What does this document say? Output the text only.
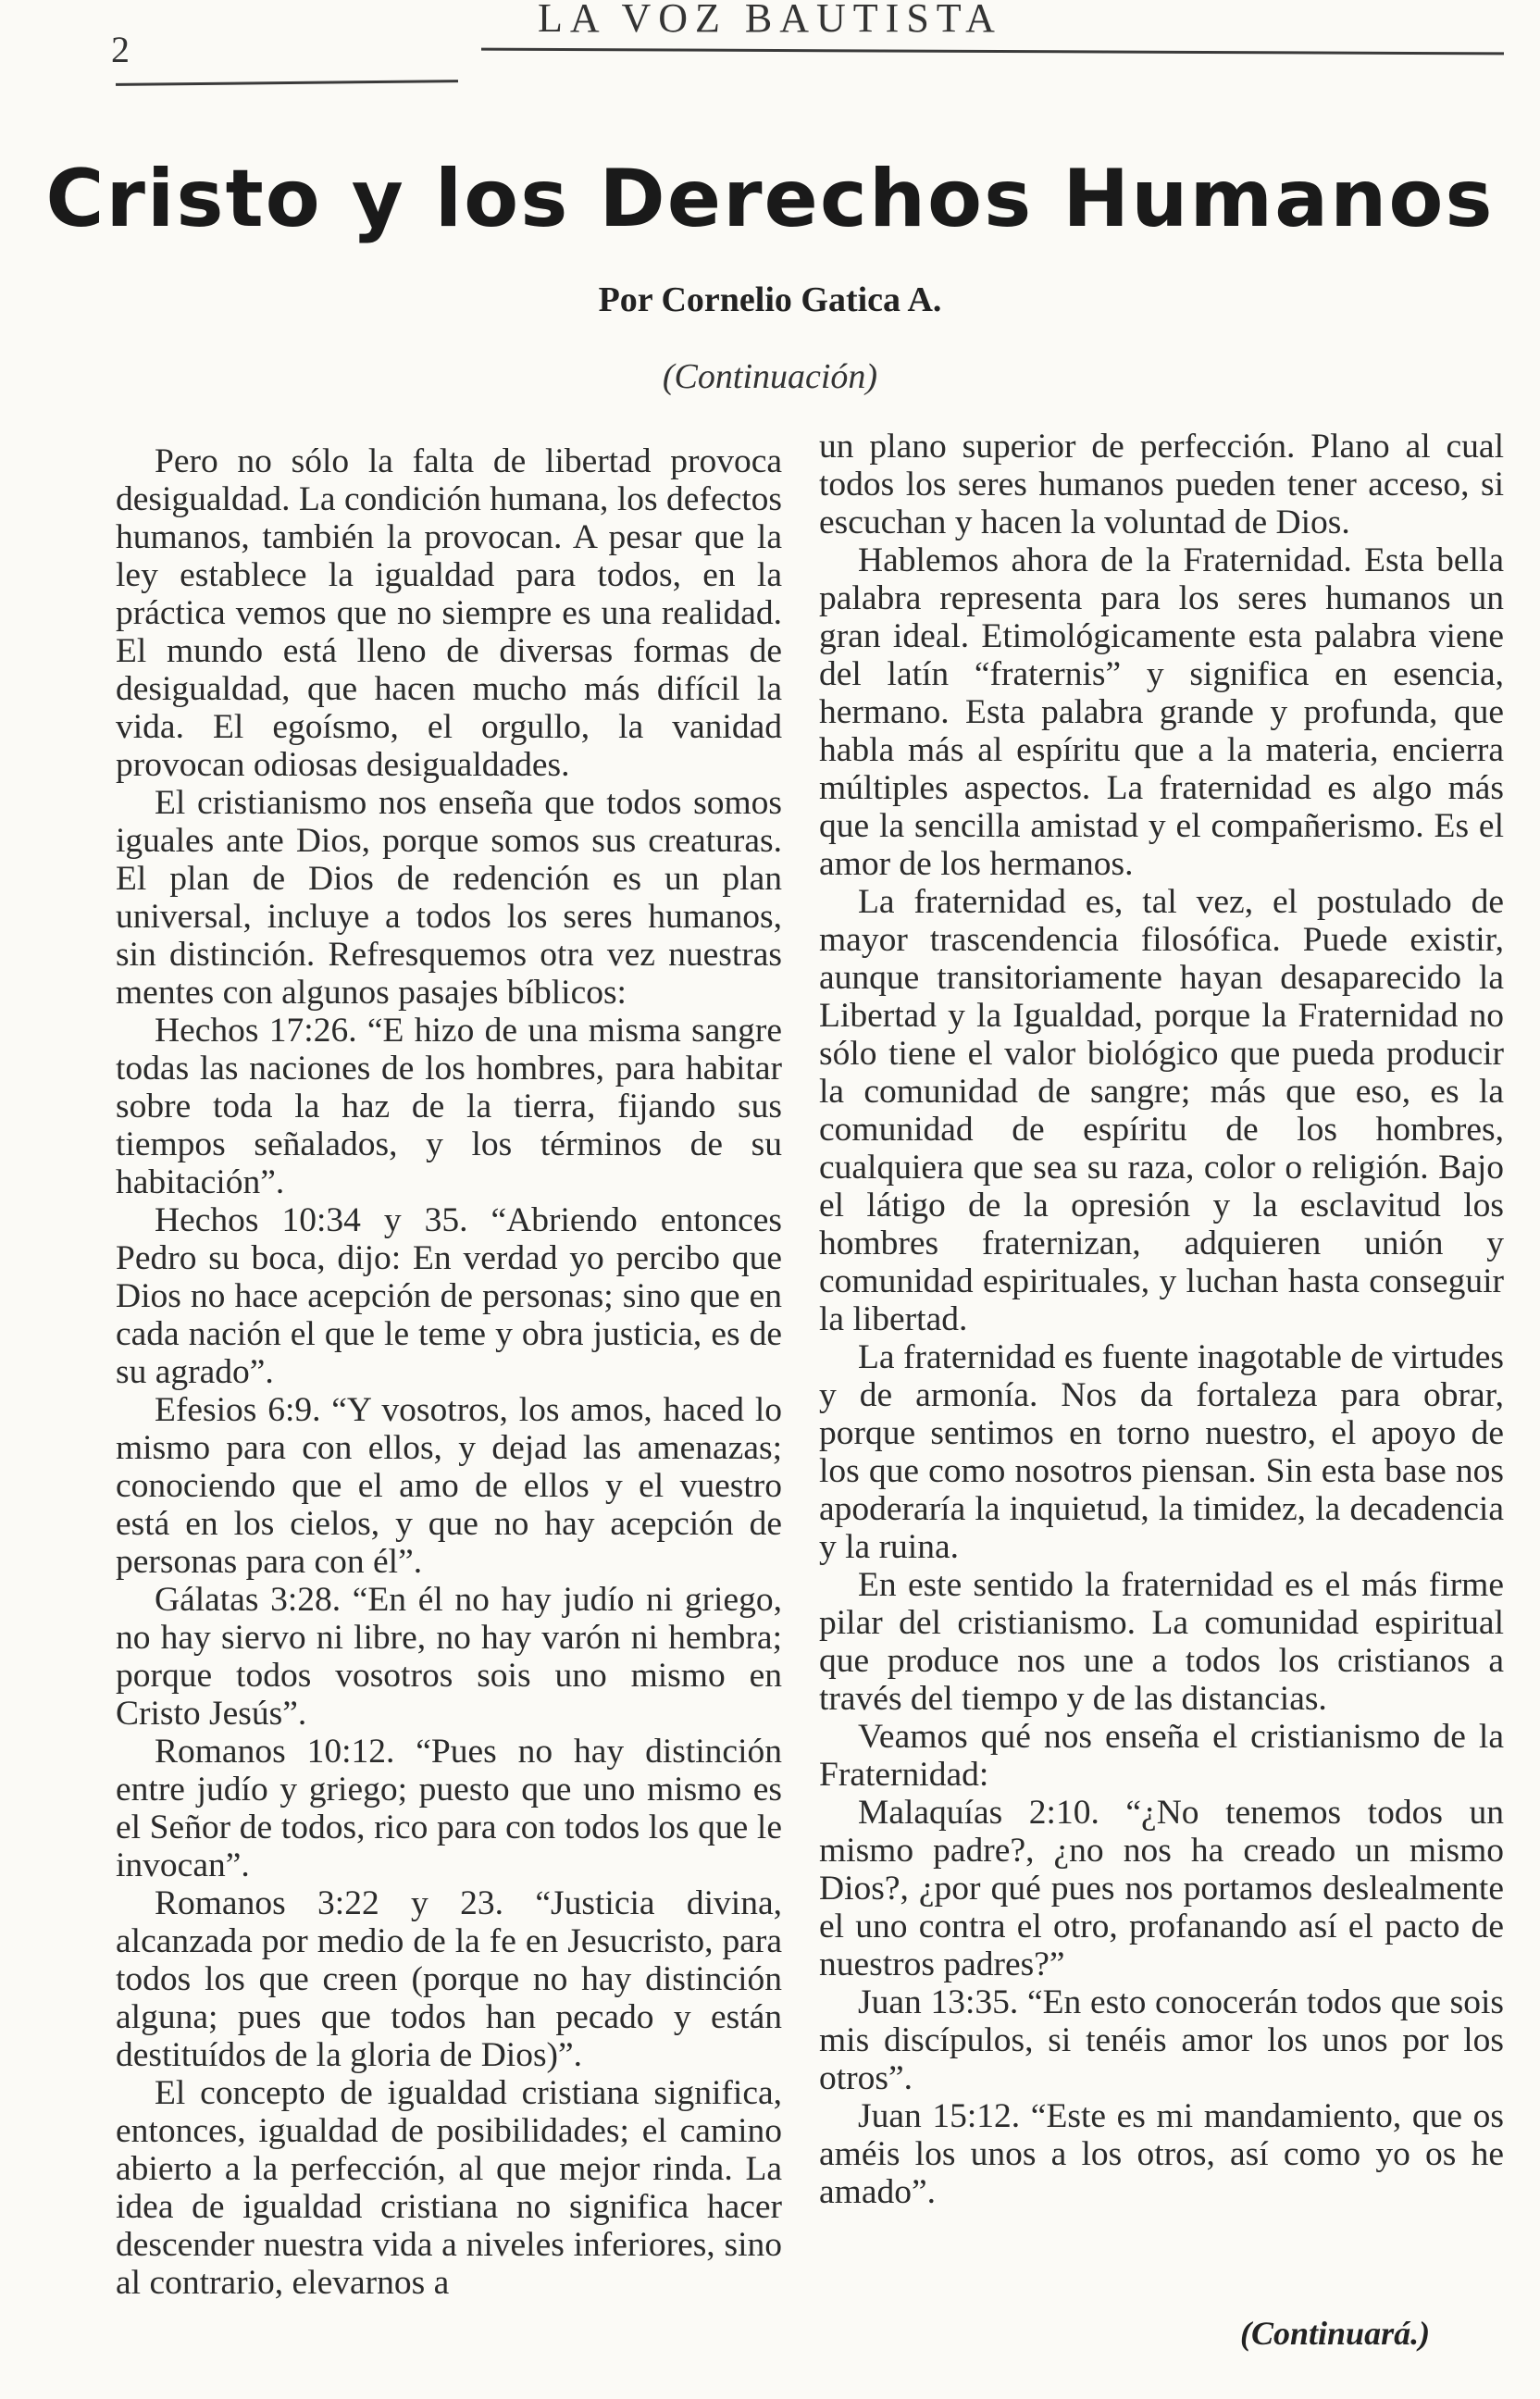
2
LA VOZ BAUTISTA
Cristo y los Derechos Humanos
Por Cornelio Gatica A.
(Continuación)

Pero no sólo la falta de libertad provoca desigualdad. La condición humana, los defectos humanos, también la provocan. A pesar que la ley establece la igualdad para todos, en la práctica vemos que no siempre es una realidad. El mundo está lleno de diversas formas de desigualdad, que hacen mucho más difícil la vida. El egoísmo, el orgullo, la vanidad provocan odiosas desigualdades.

El cristianismo nos enseña que todos somos iguales ante Dios, porque somos sus creaturas. El plan de Dios de redención es un plan universal, incluye a todos los seres humanos, sin distinción. Refresquemos otra vez nuestras mentes con algunos pasajes bíblicos:

Hechos 17:26. “E hizo de una misma sangre todas las naciones de los hombres, para habitar sobre toda la haz de la tierra, fijando sus tiempos señalados, y los términos de su habitación”.

Hechos 10:34 y 35. “Abriendo entonces Pedro su boca, dijo: En verdad yo percibo que Dios no hace acepción de personas; sino que en cada nación el que le teme y obra justicia, es de su agrado”.

Efesios 6:9. “Y vosotros, los amos, haced lo mismo para con ellos, y dejad las amenazas; conociendo que el amo de ellos y el vuestro está en los cielos, y que no hay acepción de personas para con él”.

Gálatas 3:28. “En él no hay judío ni griego, no hay siervo ni libre, no hay varón ni hembra; porque todos vosotros sois uno mismo en Cristo Jesús”.

Romanos 10:12. “Pues no hay distinción entre judío y griego; puesto que uno mismo es el Señor de todos, rico para con todos los que le invocan”.

Romanos 3:22 y 23. “Justicia divina, alcanzada por medio de la fe en Jesucristo, para todos los que creen (porque no hay distinción alguna; pues que todos han pecado y están destituídos de la gloria de Dios)”.

El concepto de igualdad cristiana significa, entonces, igualdad de posibilidades; el camino abierto a la perfección, al que mejor rinda. La idea de igualdad cristiana no significa hacer descender nuestra vida a niveles inferiores, sino al contrario, elevarnos a

un plano superior de perfección. Plano al cual todos los seres humanos pueden tener acceso, si escuchan y hacen la voluntad de Dios.

Hablemos ahora de la Fraternidad. Esta bella palabra representa para los seres humanos un gran ideal. Etimológicamente esta palabra viene del latín “fraternis” y significa en esencia, hermano. Esta palabra grande y profunda, que habla más al espíritu que a la materia, encierra múltiples aspectos. La fraternidad es algo más que la sencilla amistad y el compañerismo. Es el amor de los hermanos.

La fraternidad es, tal vez, el postulado de mayor trascendencia filosófica. Puede existir, aunque transitoriamente hayan desaparecido la Libertad y la Igualdad, porque la Fraternidad no sólo tiene el valor biológico que pueda producir la comunidad de sangre; más que eso, es la comunidad de espíritu de los hombres, cualquiera que sea su raza, color o religión. Bajo el látigo de la opresión y la esclavitud los hombres fraternizan, adquieren unión y comunidad espirituales, y luchan hasta conseguir la libertad.

La fraternidad es fuente inagotable de virtudes y de armonía. Nos da fortaleza para obrar, porque sentimos en torno nuestro, el apoyo de los que como nosotros piensan. Sin esta base nos apoderaría la inquietud, la timidez, la decadencia y la ruina.

En este sentido la fraternidad es el más firme pilar del cristianismo. La comunidad espiritual que produce nos une a todos los cristianos a través del tiempo y de las distancias.

Veamos qué nos enseña el cristianismo de la Fraternidad:

Malaquías 2:10. “¿No tenemos todos un mismo padre?, ¿no nos ha creado un mismo Dios?, ¿por qué pues nos portamos deslealmente el uno contra el otro, profanando así el pacto de nuestros padres?”

Juan 13:35. “En esto conocerán todos que sois mis discípulos, si tenéis amor los unos por los otros”.

Juan 15:12. “Este es mi mandamiento, que os améis los unos a los otros, así como yo os he amado”.

(Continuará.)
